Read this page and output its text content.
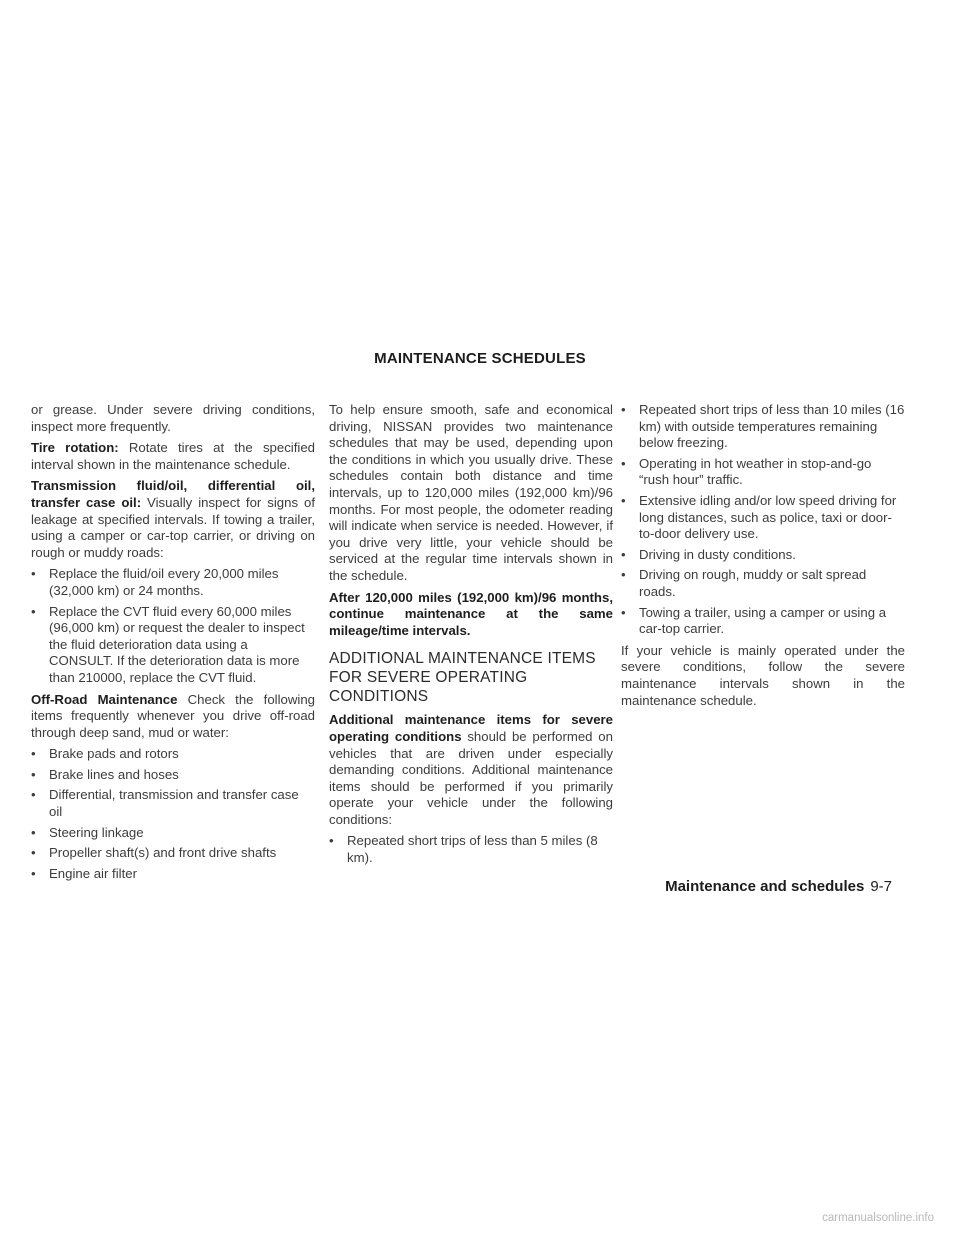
MAINTENANCE SCHEDULES

or grease. Under severe driving conditions, inspect more frequently.

Tire rotation: Rotate tires at the specified interval shown in the maintenance schedule.

Transmission fluid/oil, differential oil, transfer case oil: Visually inspect for signs of leakage at specified intervals. If towing a trailer, using a camper or car-top carrier, or driving on rough or muddy roads:

• Replace the fluid/oil every 20,000 miles (32,000 km) or 24 months.
• Replace the CVT fluid every 60,000 miles (96,000 km) or request the dealer to inspect the fluid deterioration data using a CONSULT. If the deterioration data is more than 210000, replace the CVT fluid.

Off-Road Maintenance Check the following items frequently whenever you drive off-road through deep sand, mud or water:

• Brake pads and rotors
• Brake lines and hoses
• Differential, transmission and transfer case oil
• Steering linkage
• Propeller shaft(s) and front drive shafts
• Engine air filter

To help ensure smooth, safe and economical driving, NISSAN provides two maintenance schedules that may be used, depending upon the conditions in which you usually drive. These schedules contain both distance and time intervals, up to 120,000 miles (192,000 km)/96 months. For most people, the odometer reading will indicate when service is needed. However, if you drive very little, your vehicle should be serviced at the regular time intervals shown in the schedule.

After 120,000 miles (192,000 km)/96 months, continue maintenance at the same mileage/time intervals.

ADDITIONAL MAINTENANCE ITEMS FOR SEVERE OPERATING CONDITIONS

Additional maintenance items for severe operating conditions should be performed on vehicles that are driven under especially demanding conditions. Additional maintenance items should be performed if you primarily operate your vehicle under the following conditions:

• Repeated short trips of less than 5 miles (8 km).
• Repeated short trips of less than 10 miles (16 km) with outside temperatures remaining below freezing.
• Operating in hot weather in stop-and-go “rush hour” traffic.
• Extensive idling and/or low speed driving for long distances, such as police, taxi or door-to-door delivery use.
• Driving in dusty conditions.
• Driving on rough, muddy or salt spread roads.
• Towing a trailer, using a camper or using a car-top carrier.

If your vehicle is mainly operated under the severe conditions, follow the severe maintenance intervals shown in the maintenance schedule.

Maintenance and schedules 9-7
carmanualsonline.info
